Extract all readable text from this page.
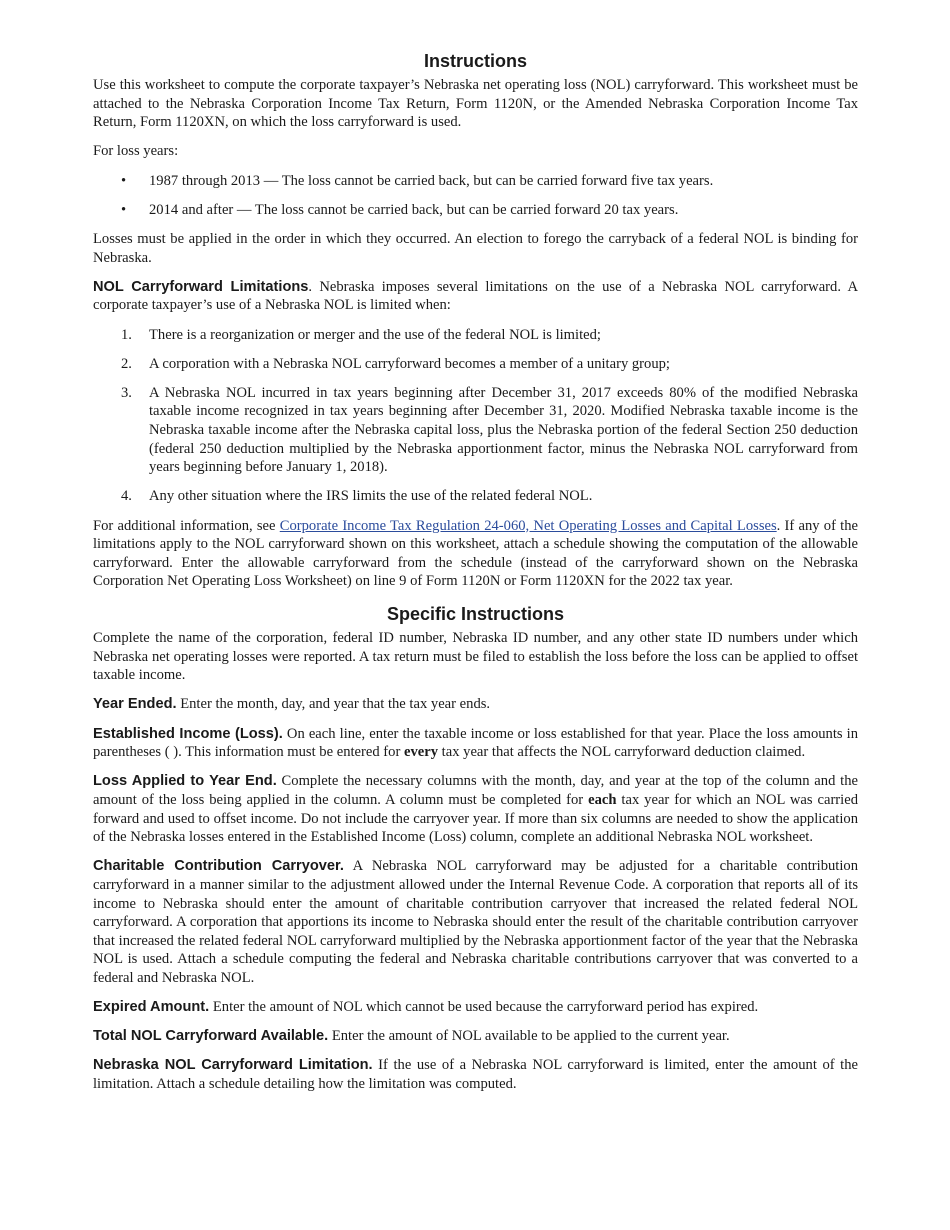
Instructions

Use this worksheet to compute the corporate taxpayer’s Nebraska net operating loss (NOL) carryforward. This worksheet must be attached to the Nebraska Corporation Income Tax Return, Form 1120N, or the Amended Nebraska Corporation Income Tax Return, Form 1120XN, on which the loss carryforward is used.

For loss years:

• 1987 through 2013 — The loss cannot be carried back, but can be carried forward five tax years.
• 2014 and after — The loss cannot be carried back, but can be carried forward 20 tax years.

Losses must be applied in the order in which they occurred. An election to forego the carryback of a federal NOL is binding for Nebraska.

NOL Carryforward Limitations. Nebraska imposes several limitations on the use of a Nebraska NOL carryforward. A corporate taxpayer’s use of a Nebraska NOL is limited when:

1. There is a reorganization or merger and the use of the federal NOL is limited;
2. A corporation with a Nebraska NOL carryforward becomes a member of a unitary group;
3. A Nebraska NOL incurred in tax years beginning after December 31, 2017 exceeds 80% of the modified Nebraska taxable income recognized in tax years beginning after December 31, 2020. Modified Nebraska taxable income is the Nebraska taxable income after the Nebraska capital loss, plus the Nebraska portion of the federal Section 250 deduction (federal 250 deduction multiplied by the Nebraska apportionment factor, minus the Nebraska NOL carryforward from years beginning before January 1, 2018).
4. Any other situation where the IRS limits the use of the related federal NOL.

For additional information, see Corporate Income Tax Regulation 24-060, Net Operating Losses and Capital Losses. If any of the limitations apply to the NOL carryforward shown on this worksheet, attach a schedule showing the computation of the allowable carryforward. Enter the allowable carryforward from the schedule (instead of the carryforward shown on the Nebraska Corporation Net Operating Loss Worksheet) on line 9 of Form 1120N or Form 1120XN for the 2022 tax year.

Specific Instructions

Complete the name of the corporation, federal ID number, Nebraska ID number, and any other state ID numbers under which Nebraska net operating losses were reported. A tax return must be filed to establish the loss before the loss can be applied to offset taxable income.

Year Ended. Enter the month, day, and year that the tax year ends.

Established Income (Loss). On each line, enter the taxable income or loss established for that year. Place the loss amounts in parentheses ( ). This information must be entered for every tax year that affects the NOL carryforward deduction claimed.

Loss Applied to Year End. Complete the necessary columns with the month, day, and year at the top of the column and the amount of the loss being applied in the column. A column must be completed for each tax year for which an NOL was carried forward and used to offset income. Do not include the carryover year. If more than six columns are needed to show the application of the Nebraska losses entered in the Established Income (Loss) column, complete an additional Nebraska NOL worksheet.

Charitable Contribution Carryover. A Nebraska NOL carryforward may be adjusted for a charitable contribution carryforward in a manner similar to the adjustment allowed under the Internal Revenue Code. A corporation that reports all of its income to Nebraska should enter the amount of charitable contribution carryover that increased the related federal NOL carryforward. A corporation that apportions its income to Nebraska should enter the result of the charitable contribution carryover that increased the related federal NOL carryforward multiplied by the Nebraska apportionment factor of the year that the Nebraska NOL is used. Attach a schedule computing the federal and Nebraska charitable contributions carryover that was converted to a federal and Nebraska NOL.

Expired Amount. Enter the amount of NOL which cannot be used because the carryforward period has expired.

Total NOL Carryforward Available. Enter the amount of NOL available to be applied to the current year.

Nebraska NOL Carryforward Limitation. If the use of a Nebraska NOL carryforward is limited, enter the amount of the limitation. Attach a schedule detailing how the limitation was computed.
